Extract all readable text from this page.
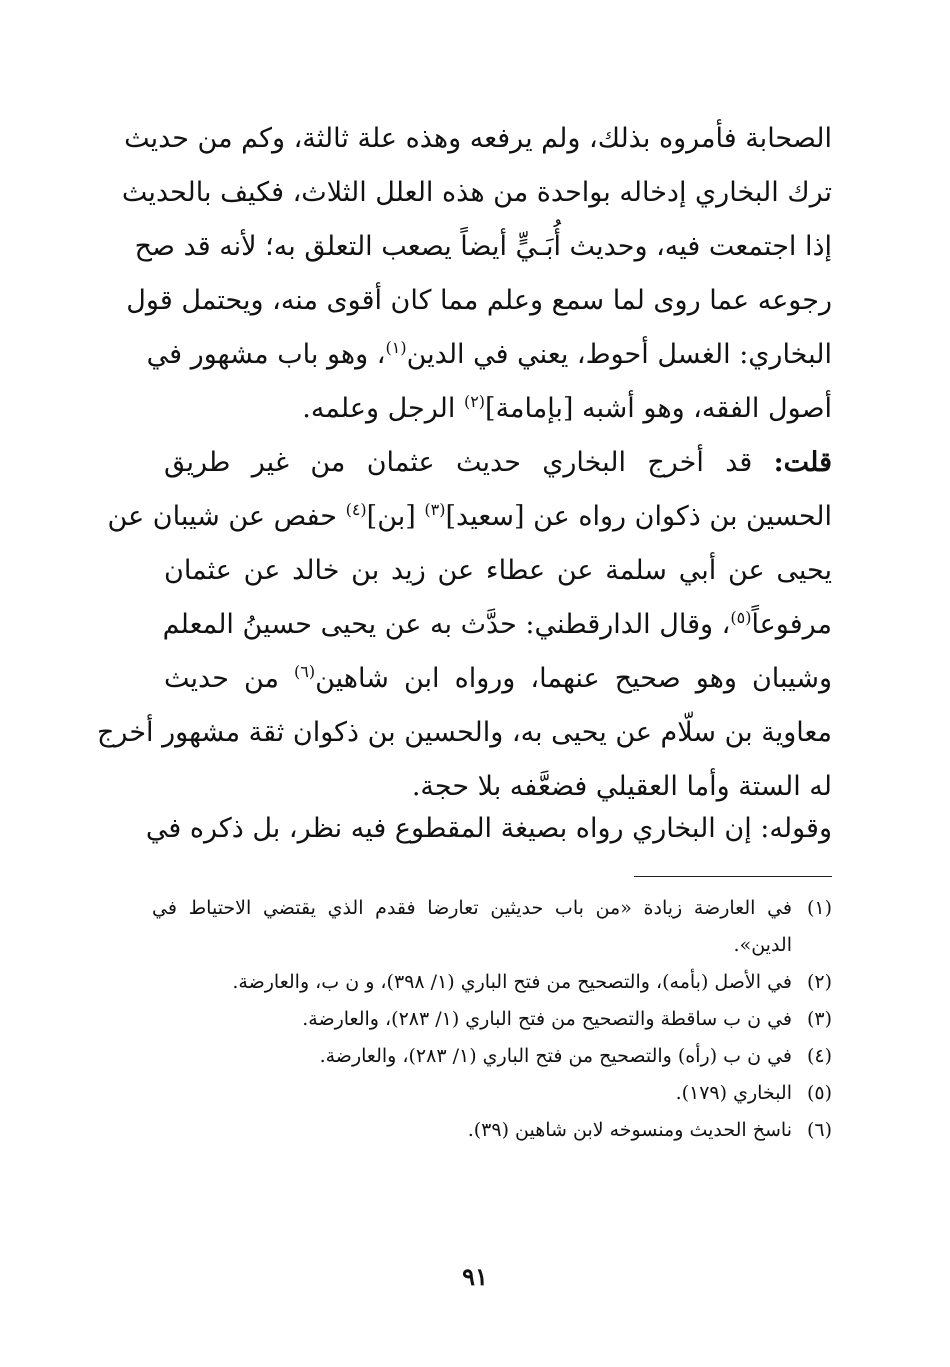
الصحابة فأمروه بذلك، ولم يرفعه وهذه علة ثالثة، وكم من حديث
ترك البخاري إدخاله بواحدة من هذه العلل الثلاث، فكيف بالحديث
إذا اجتمعت فيه، وحديث أُبَـيٍّ أيضاً يصعب التعلق به؛ لأنه قد صح
رجوعه عما روى لما سمع وعلم مما كان أقوى منه، ويحتمل قول
البخاري: الغسل أحوط، يعني في الدين$^{(١)}$، وهو باب مشهور في
أصول الفقه، وهو أشبه [بإمامة]$^{(٢)}$ الرجل وعلمه.
قلت: قد أخرج البخاري حديث عثمان من غير طريق
الحسين بن ذكوان رواه عن [سعيد]$^{(٣)}$ [بن]$^{(٤)}$ حفص عن شيبان عن
يحيى عن أبي سلمة عن عطاء عن زيد بن خالد عن عثمان
مرفوعاً$^{(٥)}$، وقال الدارقطني: حدَّث به عن يحيى حسينُ المعلم
وشيبان وهو صحيح عنهما، ورواه ابن شاهين$^{(٦)}$ من حديث
معاوية بن سلّام عن يحيى به، والحسين بن ذكوان ثقة مشهور أخرج
له الستة وأما العقيلي فضعَّفه بلا حجة.
وقوله: إن البخاري رواه بصيغة المقطوع فيه نظر، بل ذكره في
(١)
في العارضة زيادة «من باب حديثين تعارضا فقدم الذي يقتضي الاحتياط في الدين».
(٢)
في الأصل (بأمه)، والتصحيح من فتح الباري (١/ ٣٩٨)، و ن ب، والعارضة.
(٣)
في ن ب ساقطة والتصحيح من فتح الباري (١/ ٢٨٣)، والعارضة.
(٤)
في ن ب (رأه) والتصحيح من فتح الباري (١/ ٢٨٣)، والعارضة.
(٥)
البخاري (١٧٩).
(٦)
ناسخ الحديث ومنسوخه لابن شاهين (٣٩).
٩١
